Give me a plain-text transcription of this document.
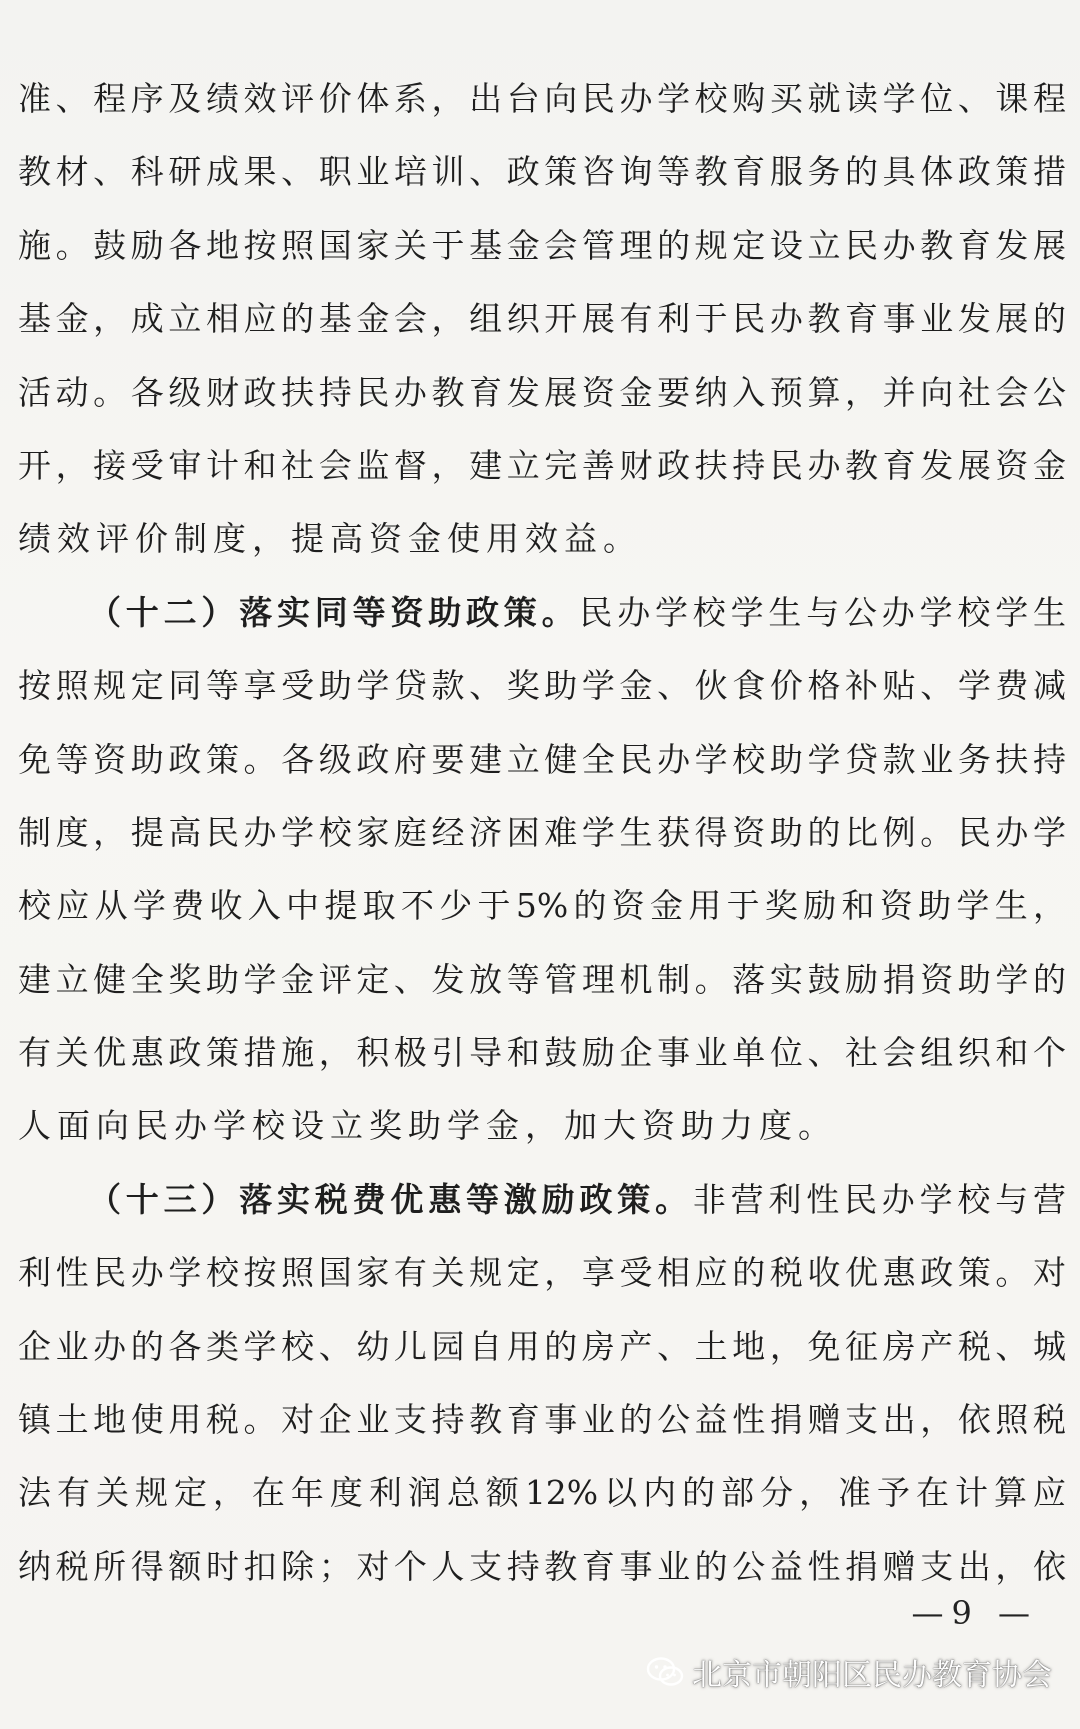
准、程序及绩效评价体系，出台向民办学校购买就读学位、课程
教材、科研成果、职业培训、政策咨询等教育服务的具体政策措
施。鼓励各地按照国家关于基金会管理的规定设立民办教育发展
基金，成立相应的基金会，组织开展有利于民办教育事业发展的
活动。各级财政扶持民办教育发展资金要纳入预算，并向社会公
开，接受审计和社会监督，建立完善财政扶持民办教育发展资金
绩效评价制度，提高资金使用效益。
（十二）落实同等资助政策。民办学校学生与公办学校学生
按照规定同等享受助学贷款、奖助学金、伙食价格补贴、学费减
免等资助政策。各级政府要建立健全民办学校助学贷款业务扶持
制度，提高民办学校家庭经济困难学生获得资助的比例。民办学
校应从学费收入中提取不少于5%的资金用于奖励和资助学生，
建立健全奖助学金评定、发放等管理机制。落实鼓励捐资助学的
有关优惠政策措施，积极引导和鼓励企事业单位、社会组织和个
人面向民办学校设立奖助学金，加大资助力度。
（十三）落实税费优惠等激励政策。非营利性民办学校与营
利性民办学校按照国家有关规定，享受相应的税收优惠政策。对
企业办的各类学校、幼儿园自用的房产、土地，免征房产税、城
镇土地使用税。对企业支持教育事业的公益性捐赠支出，依照税
法有关规定，在年度利润总额12%以内的部分，准予在计算应
纳税所得额时扣除；对个人支持教育事业的公益性捐赠支出，依
—9 —
北京市朝阳区民办教育协会
